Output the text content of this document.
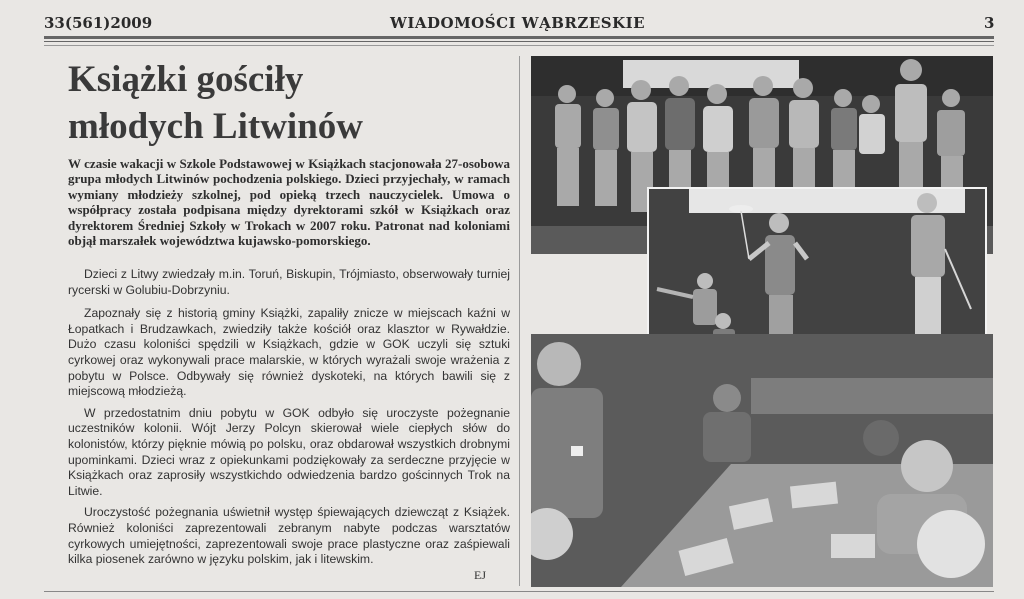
33(561)2009	WIADOMOŚCI WĄBRZESKIE	3
Książki gościły
młodych Litwinów
W czasie wakacji w Szkole Podstawowej w Książkach stacjonowała 27-osobowa grupa młodych Litwinów pochodzenia polskiego. Dzieci przyjechały, w ramach wymiany młodzieży szkolnej, pod opieką trzech nauczycielek. Umowa o współpracy została podpisana między dyrektorami szkół w Książkach oraz dyrektorem Średniej Szkoły w Trokach w 2007 roku. Patronat nad koloniami objął marszałek województwa kujawsko-pomorskiego.

Dzieci z Litwy zwiedzały m.in. Toruń, Biskupin, Trójmiasto, obserwowały turniej rycerski w Golubiu-Dobrzyniu.

Zapoznały się z historią gminy Książki, zapaliły znicze w miejscach kaźni w Łopatkach i Brudzawkach, zwiedziły także kościół oraz klasztor w Rywałdzie. Dużo czasu koloniści spędzili w Książkach, gdzie w GOK uczyli się sztuki cyrkowej oraz wykonywali prace malarskie, w których wyrażali swoje wrażenia z pobytu w Polsce. Odbywały się również dyskoteki, na których bawili się z miejscową młodzieżą.

W przedostatnim dniu pobytu w GOK odbyło się uroczyste pożegnanie uczestników kolonii. Wójt Jerzy Polcyn skierował wiele ciepłych słów do kolonistów, którzy pięknie mówią po polsku, oraz obdarował wszystkich drobnymi upominkami. Dzieci wraz z opiekunkami podziękowały za serdeczne przyjęcie w Książkach oraz zaprosiły wszystkichdo odwiedzenia bardzo gościnnych Trok na Litwie.

Uroczystość pożegnania uświetnił występ śpiewających dziewcząt z Książek. Również koloniści zaprezentowali zebranym nabyte podczas warsztatów cyrkowych umiejętności, zaprezentowali swoje prace plastyczne oraz zaśpiewali kilka piosenek zarówno w języku polskim, jak i litewskim.

EJ
